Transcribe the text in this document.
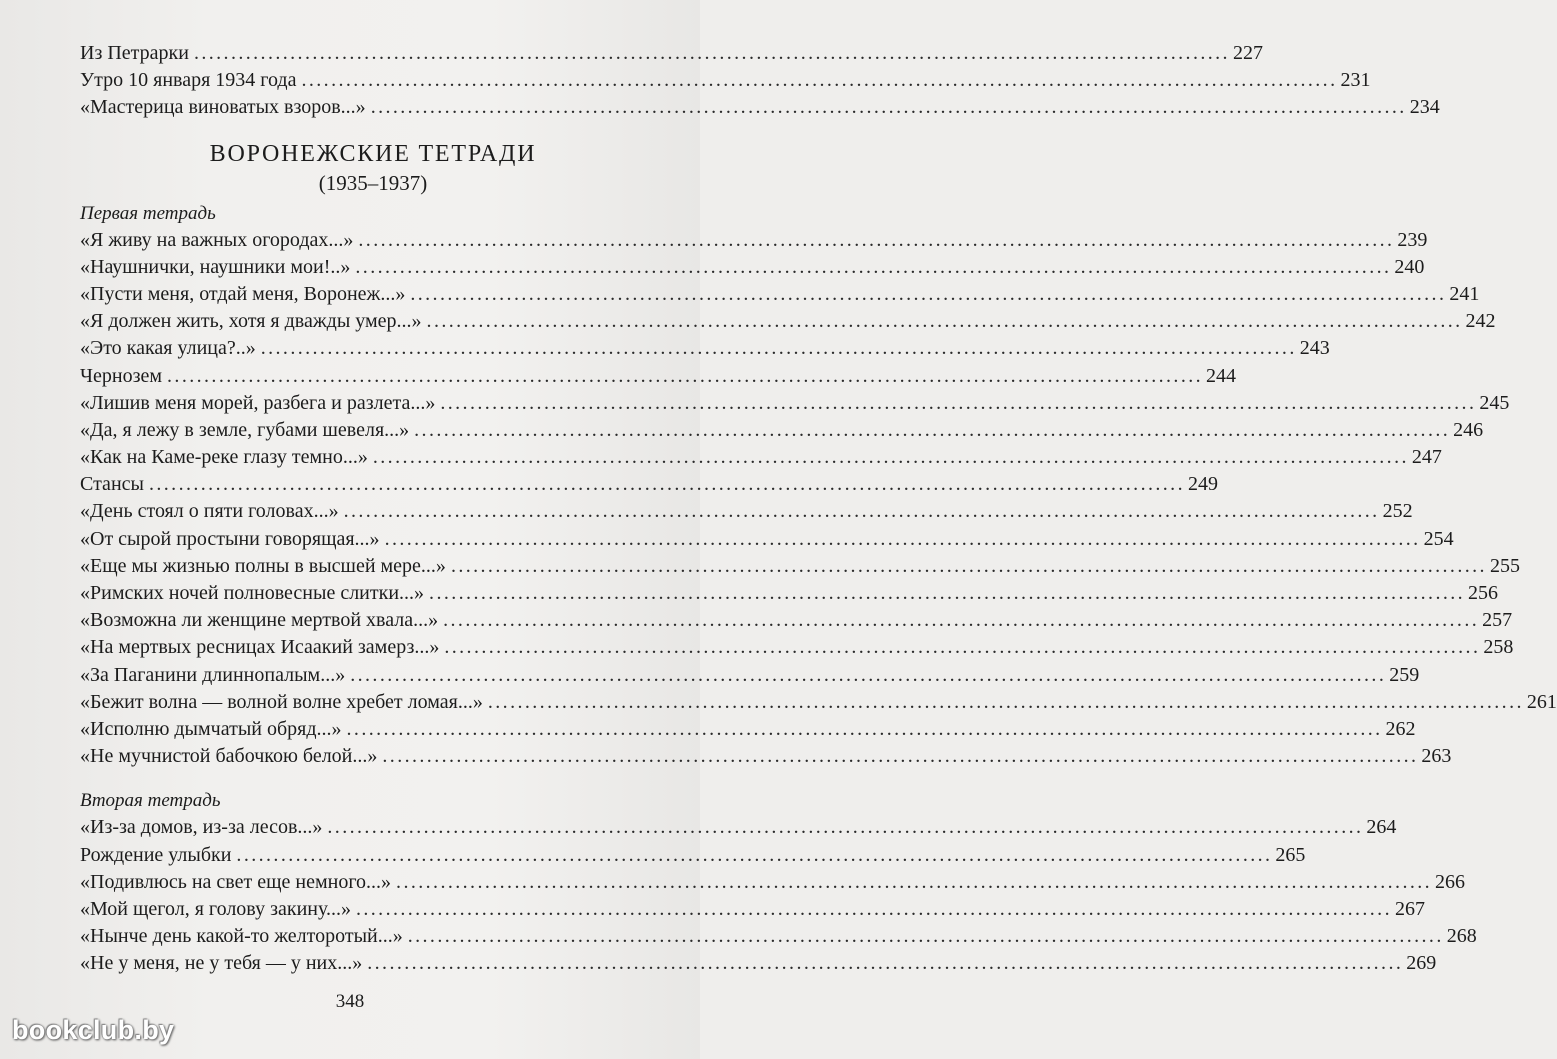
Из Петрарки ............................................................................................................................................ 227
Утро 10 января 1934 года ............................................................................................................................................ 231
«Мастерица виноватых взоров...» ............................................................................................................................................ 234
ВОРОНЕЖСКИЕ ТЕТРАДИ
(1935–1937)
Первая тетрадь
«Я живу на важных огородах...» ............................................................................................................................................ 239
«Наушнички, наушники мои!..» ............................................................................................................................................ 240
«Пусти меня, отдай меня, Воронеж...» ............................................................................................................................................ 241
«Я должен жить, хотя я дважды умер...» ............................................................................................................................................ 242
«Это какая улица?..» ............................................................................................................................................ 243
Чернозем ............................................................................................................................................ 244
«Лишив меня морей, разбега и разлета...» ............................................................................................................................................ 245
«Да, я лежу в земле, губами шевеля...» ............................................................................................................................................ 246
«Как на Каме-реке глазу темно...» ............................................................................................................................................ 247
Стансы ............................................................................................................................................ 249
«День стоял о пяти головах...» ............................................................................................................................................ 252
«От сырой простыни говорящая...» ............................................................................................................................................ 254
«Еще мы жизнью полны в высшей мере...» ............................................................................................................................................ 255
«Римских ночей полновесные слитки...» ............................................................................................................................................ 256
«Возможна ли женщине мертвой хвала...» ............................................................................................................................................ 257
«На мертвых ресницах Исаакий замерз...» ............................................................................................................................................ 258
«За Паганини длиннопалым...» ............................................................................................................................................ 259
«Бежит волна — волной волне хребет ломая...» ............................................................................................................................................ 261
«Исполню дымчатый обряд...» ............................................................................................................................................ 262
«Не мучнистой бабочкою белой...» ............................................................................................................................................ 263
Вторая тетрадь
«Из-за домов, из-за лесов...» ............................................................................................................................................ 264
Рождение улыбки ............................................................................................................................................ 265
«Подивлюсь на свет еще немного...» ............................................................................................................................................ 266
«Мой щегол, я голову закину...» ............................................................................................................................................ 267
«Нынче день какой-то желторотый...» ............................................................................................................................................ 268
«Не у меня, не у тебя — у них...» ............................................................................................................................................ 269
348
bookclub.by
